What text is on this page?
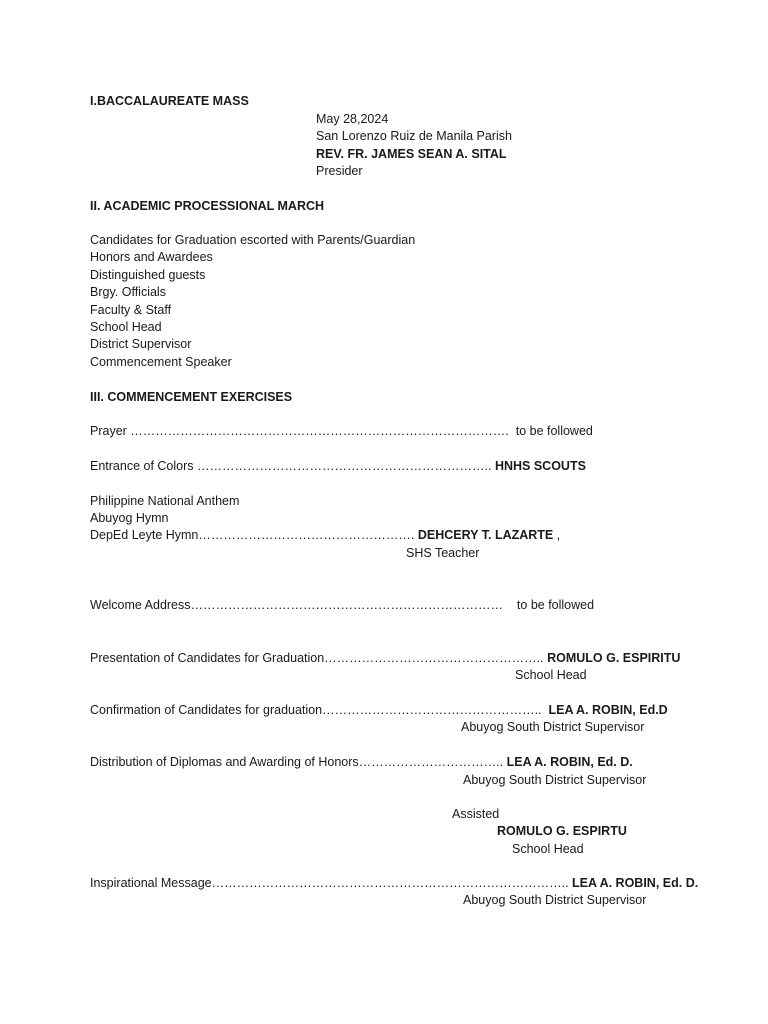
I.BACCALAUREATE MASS
May 28,2024
San Lorenzo Ruiz de Manila Parish
REV. FR. JAMES SEAN A. SITAL
Presider
II. ACADEMIC PROCESSIONAL MARCH
Candidates for Graduation escorted with Parents/Guardian
Honors and Awardees
Distinguished guests
Brgy. Officials
Faculty & Staff
School Head
District Supervisor
Commencement Speaker
III. COMMENCEMENT EXERCISES
Prayer ………………………………………………………………………………. to be followed
Entrance of Colors …………………………………………………………….. HNHS SCOUTS
Philippine National Anthem
Abuyog Hymn
DepEd Leyte Hymn……………………………………………. DEHCERY T. LAZARTE ,
SHS Teacher
Welcome Address………………………………………………………………… to be followed
Presentation of Candidates for Graduation…………………………………………….. ROMULO G. ESPIRITU
School Head
Confirmation of Candidates for graduation…………………………………………….. LEA A. ROBIN, Ed.D
Abuyog South District Supervisor
Distribution of Diplomas and Awarding of Honors…………………………….. LEA A. ROBIN, Ed. D.
Abuyog South District Supervisor
Assisted
ROMULO G. ESPIRTU
School Head
Inspirational Message………………………………………………………………………….. LEA A. ROBIN, Ed. D.
Abuyog South District Supervisor
